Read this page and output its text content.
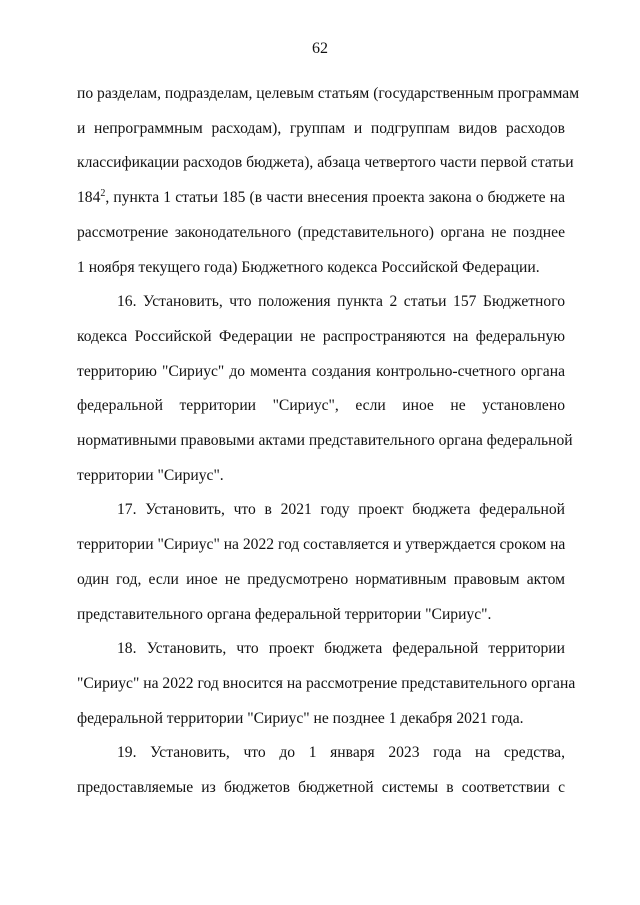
62
по разделам, подразделам, целевым статьям (государственным программам
и непрограммным расходам), группам и подгруппам видов расходов
классификации расходов бюджета), абзаца четвертого части первой статьи
$184^2$, пункта 1 статьи 185 (в части внесения проекта закона о бюджете на
рассмотрение законодательного (представительного) органа не позднее
1 ноября текущего года) Бюджетного кодекса Российской Федерации.
16. Установить, что положения пункта 2 статьи 157 Бюджетного
кодекса Российской Федерации не распространяются на федеральную
территорию "Сириус" до момента создания контрольно-счетного органа
федеральной территории "Сириус", если иное не установлено
нормативными правовыми актами представительного органа федеральной
территории "Сириус".
17. Установить, что в 2021 году проект бюджета федеральной
территории "Сириус" на 2022 год составляется и утверждается сроком на
один год, если иное не предусмотрено нормативным правовым актом
представительного органа федеральной территории "Сириус".
18. Установить, что проект бюджета федеральной территории
"Сириус" на 2022 год вносится на рассмотрение представительного органа
федеральной территории "Сириус" не позднее 1 декабря 2021 года.
19. Установить, что до 1 января 2023 года на средства,
предоставляемые из бюджетов бюджетной системы в соответствии с
